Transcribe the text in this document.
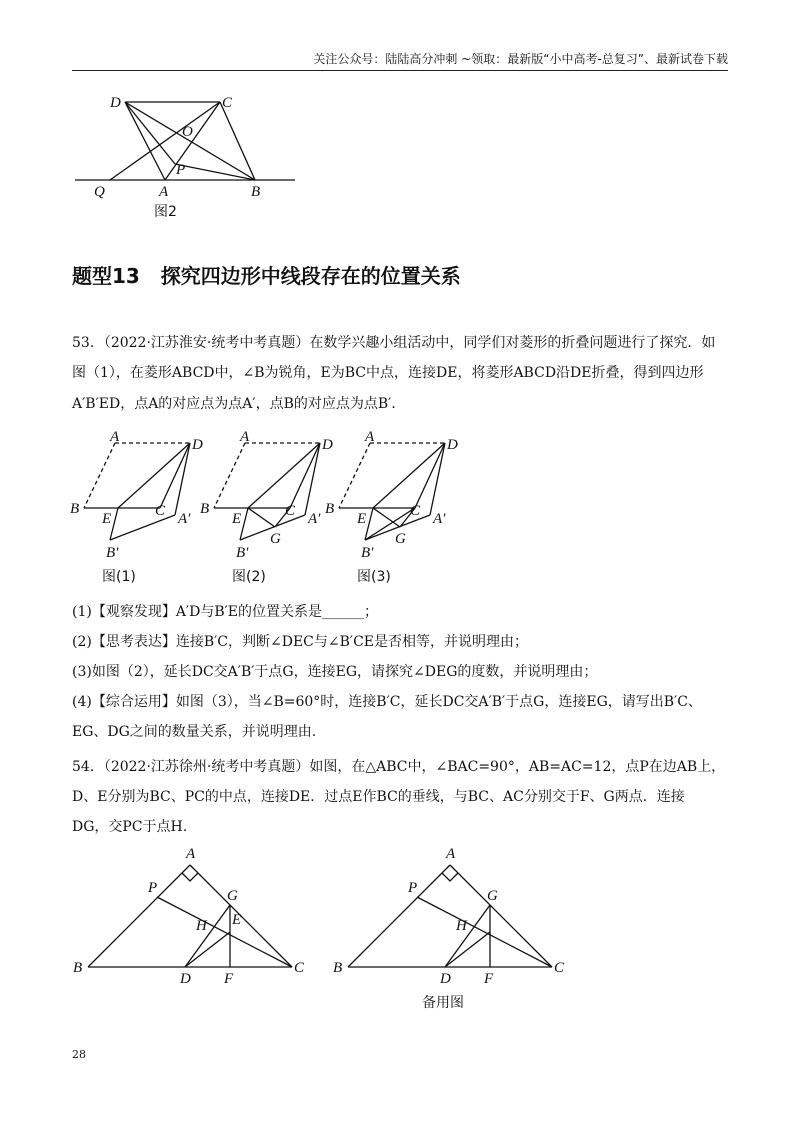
关注公众号：陆陆高分冲刺 ~领取：最新版“小中高考-总复习”、最新试卷下载
D	C
O
P
Q	A	B
图2
题型13 探究四边形中线段存在的位置关系
53．（2022·江苏淮安·统考中考真题）在数学兴趣小组活动中，同学们对菱形的折叠问题进行了探究．如
图（1），在菱形ABCD中，∠B为锐角，E为BC中点，连接DE，将菱形ABCD沿DE折叠，得到四边形
A′B′ED，点A的对应点为点A′，点B的对应点为点B′．
A	D
B
E	C A′
B′
图(1)
A	D
B
E	C A′
B′
G
图(2)
A	D
B
E	C A′
B′
G
图(3)
(1)【观察发现】A′D与B′E的位置关系是______；
(2)【思考表达】连接B′C，判断∠DEC与∠B′CE是否相等，并说明理由；
(3)如图（2），延长DC交A′B′于点G，连接EG，请探究∠DEG的度数，并说明理由；
(4)【综合运用】如图（3），当∠B=60°时，连接B′C，延长DC交A′B′于点G，连接EG，请写出B′C、
EG、DG之间的数量关系，并说明理由.
54．（2022·江苏徐州·统考中考真题）如图，在△ABC中，∠BAC=90°，AB=AC=12，点P在边AB上，
D、E分别为BC、PC的中点，连接DE．过点E作BC的垂线，与BC、AC分别交于F、G两点．连接
DG，交PC于点H.
A
P	G
H E
B
D F
C
A
P	G
H
B
D F
C
备用图
28
